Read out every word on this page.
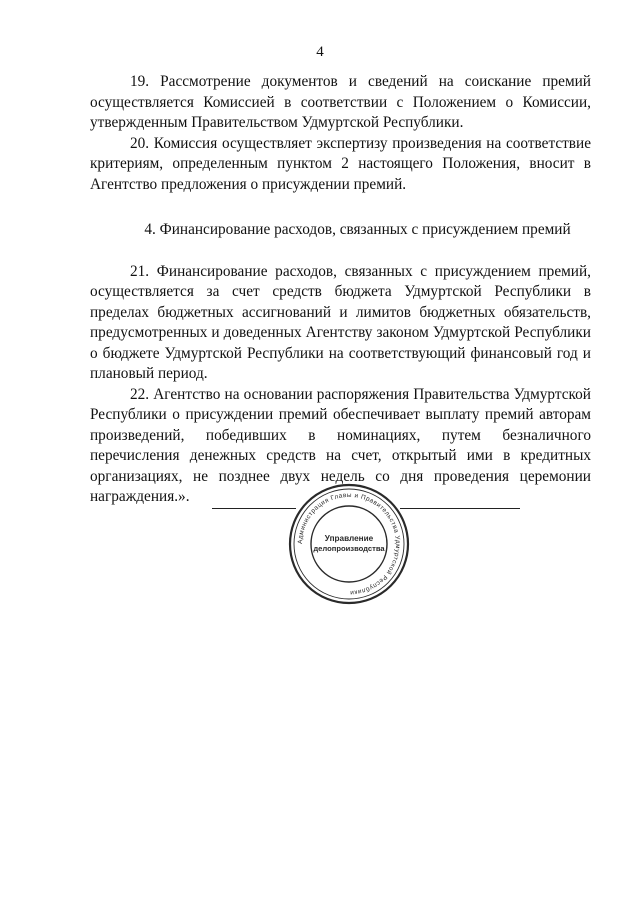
4

19. Рассмотрение документов и сведений на соискание премий осуществляется Комиссией в соответствии с Положением о Комиссии, утвержденным Правительством Удмуртской Республики.

20. Комиссия осуществляет экспертизу произведения на соответствие критериям, определенным пунктом 2 настоящего Положения, вносит в Агентство предложения о присуждении премий.

4. Финансирование расходов, связанных с присуждением премий

21. Финансирование расходов, связанных с присуждением премий, осуществляется за счет средств бюджета Удмуртской Республики в пределах бюджетных ассигнований и лимитов бюджетных обязательств, предусмотренных и доведенных Агентству законом Удмуртской Республики о бюджете Удмуртской Республики на соответствующий финансовый год и плановый период.

22. Агентство на основании распоряжения Правительства Удмуртской Республики о присуждении премий обеспечивает выплату премий авторам произведений, победивших в номинациях, путем безналичного перечисления денежных средств на счет, открытый ими в кредитных организациях, не позднее двух недель со дня проведения церемонии награждения.».

Администрация Главы и Правительства Удмуртской Республики
Управление
делопроизводства
